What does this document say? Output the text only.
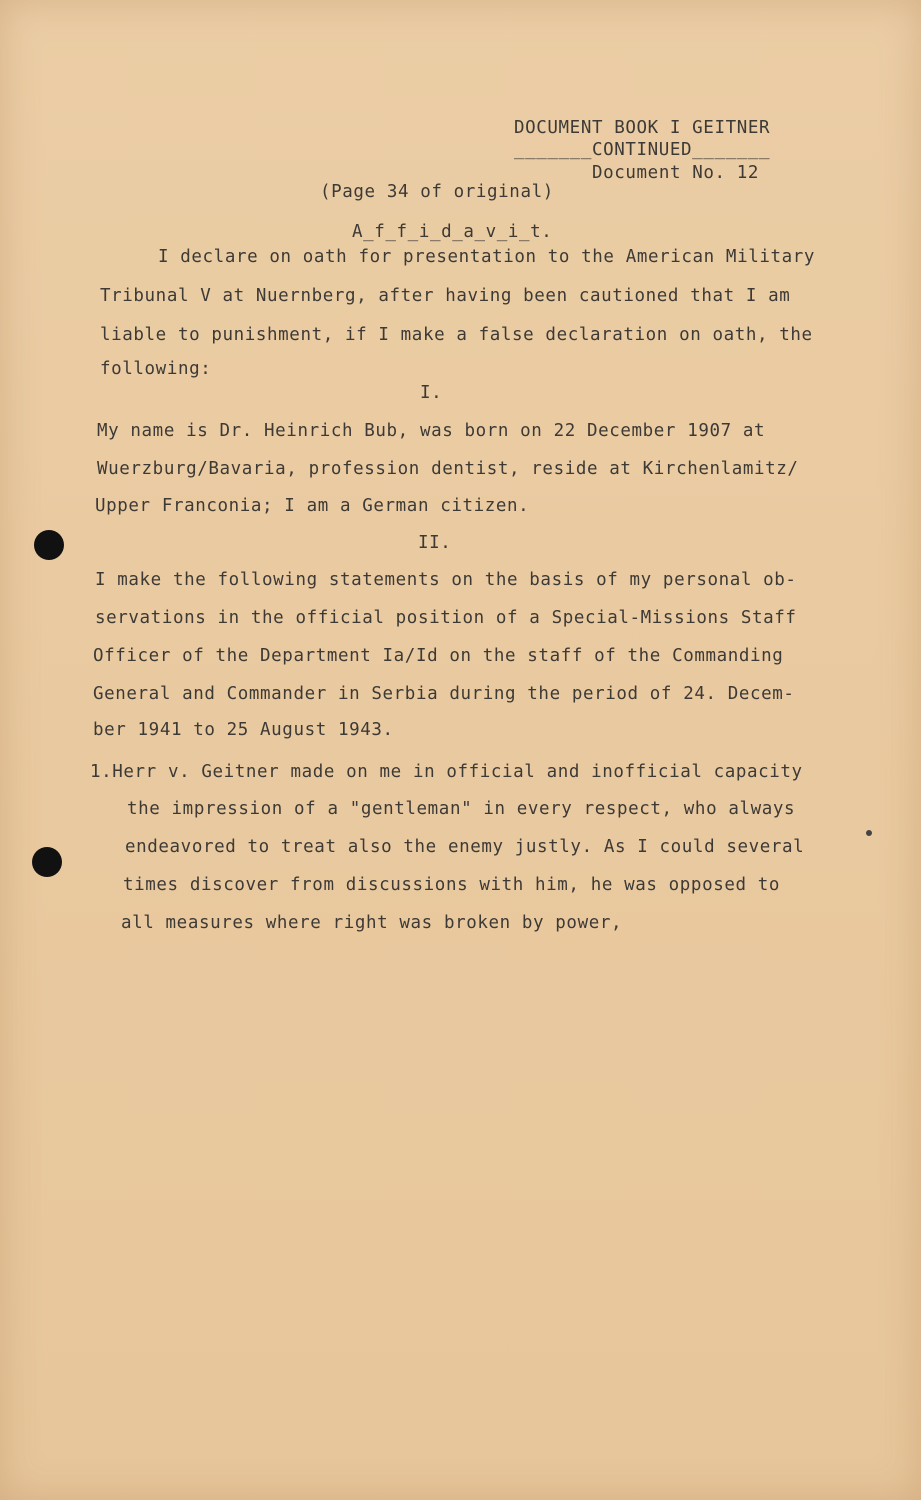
DOCUMENT BOOK I GEITNER
_______CONTINUED_______
Document No. 12
(Page 34 of original)
A_f_f_i_d_a_v_i_t.
I declare on oath for presentation to the American Military
Tribunal V at Nuernberg, after having been cautioned that I am
liable to punishment, if I make a false declaration on oath, the
following:
I.
My name is Dr. Heinrich Bub, was born on 22 December 1907 at
Wuerzburg/Bavaria, profession dentist, reside at Kirchenlamitz/
Upper Franconia; I am a German citizen.
II.
I make the following statements on the basis of my personal ob-
servations in the official position of a Special-Missions Staff
Officer of the Department Ia/Id on the staff of the Commanding
General and Commander in Serbia during the period of 24. Decem-
ber 1941 to 25 August 1943.
1.Herr v. Geitner made on me in official and inofficial capacity
the impression of a "gentleman" in every respect, who always
endeavored to treat also the enemy justly. As I could several
times discover from discussions with him, he was opposed to
all measures where right was broken by power,
